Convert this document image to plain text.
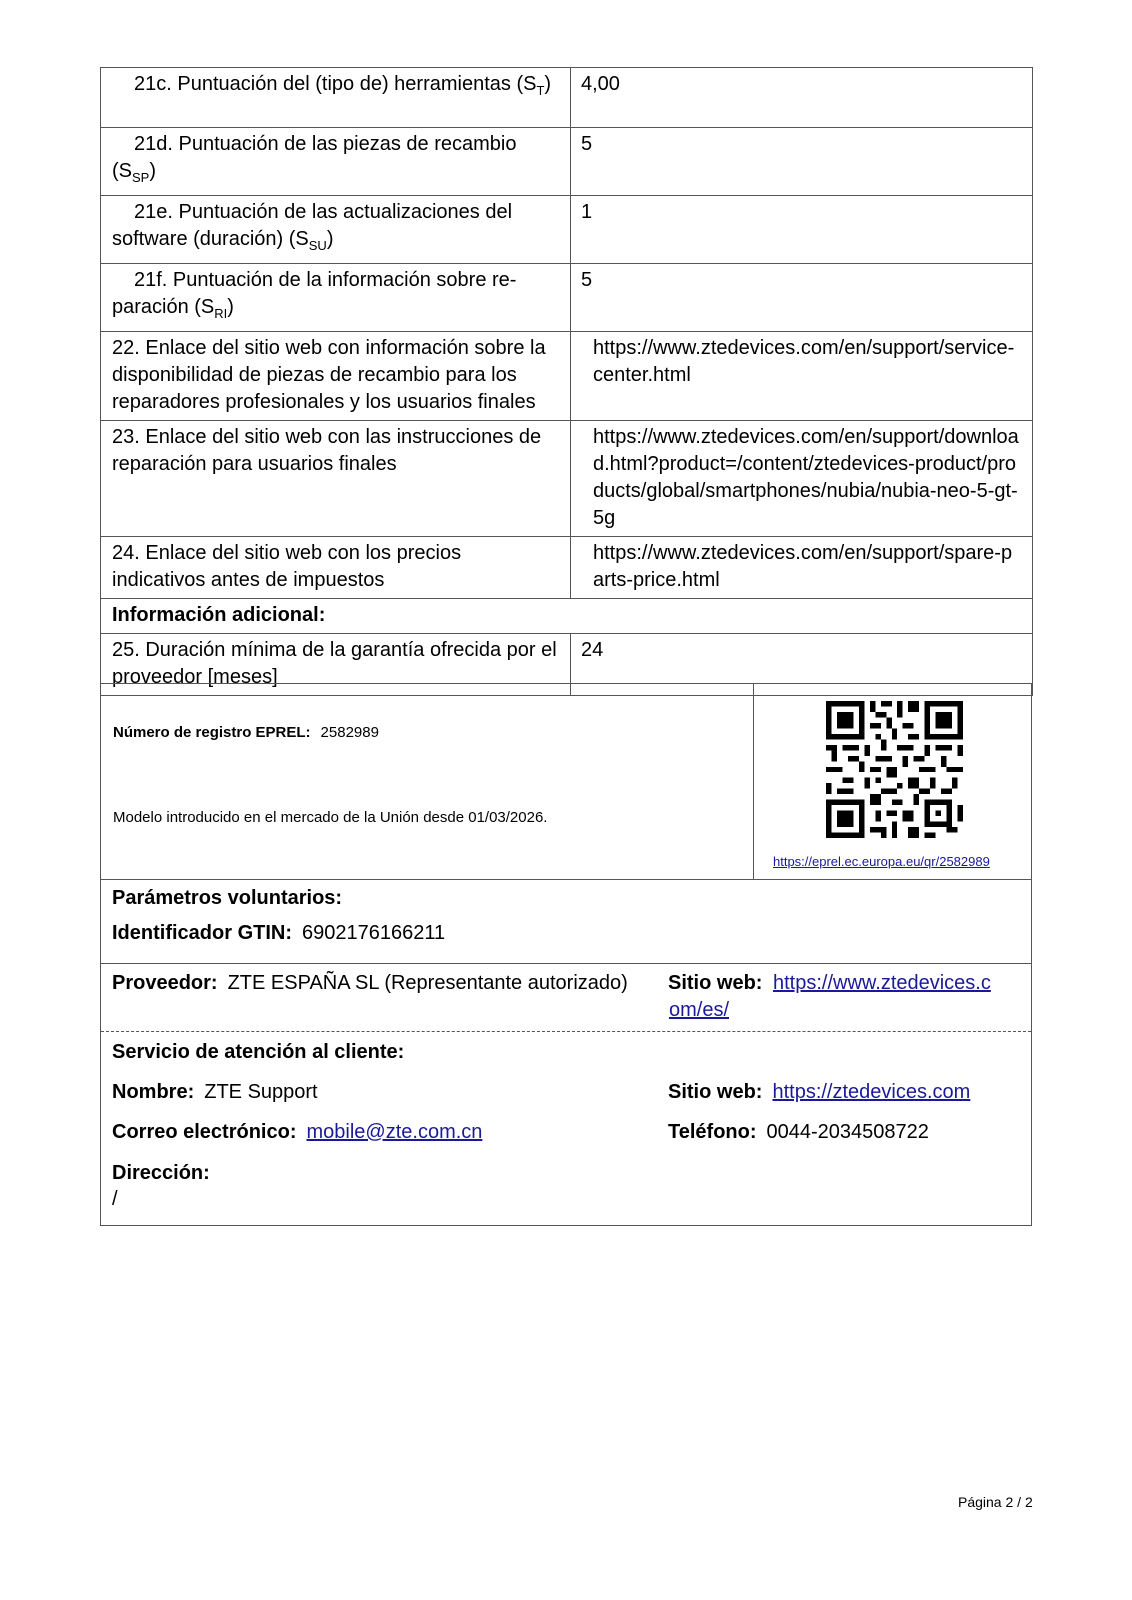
21c. Puntuación del (tipo de) herramientas $(S_T)$	4,00
21d. Puntuación de las piezas de recambio $(S_{SP})$	5
21e. Puntuación de las actualizaciones del software (duración) $(S_{SU})$	1
21f. Puntuación de la información sobre re-paración $(S_{RI})$	5
22. Enlace del sitio web con información sobre la disponibilidad de piezas de recambio para los reparadores profesionales y los usuarios finales	https://www.ztedevices.com/en/support/service-center.html

23. Enlace del sitio web con las instrucciones de reparación para usuarios finales	https://www.ztedevices.com/en/support/download.html?product=/content/ztedevices-product/products/global/smartphones/nubia/nubia-neo-5-gt-5g

24. Enlace del sitio web con los precios indicativos antes de impuestos	https://www.ztedevices.com/en/support/spare-parts-price.html

Información adicional:	
25. Duración mínima de la garantía ofrecida por el proveedor [meses]	24
Número de registro EPREL: 2582989
Modelo introducido en el mercado de la Unión desde 01/03/2026.
https://eprel.ec.europa.eu/qr/2582989
Parámetros voluntarios:
Identificador GTIN: 6902176166211
Proveedor: ZTE ESPAÑA SL (Representante autorizado) Sitio web: https://www.ztedevices.c
om/es/
Servicio de atención al cliente:
Nombre: ZTE Support	Sitio web: https://ztedevices.com
Correo electrónico: mobile@zte.com.cn	Teléfono: 0044-2034508722
Dirección:
/
Página 2 / 2
